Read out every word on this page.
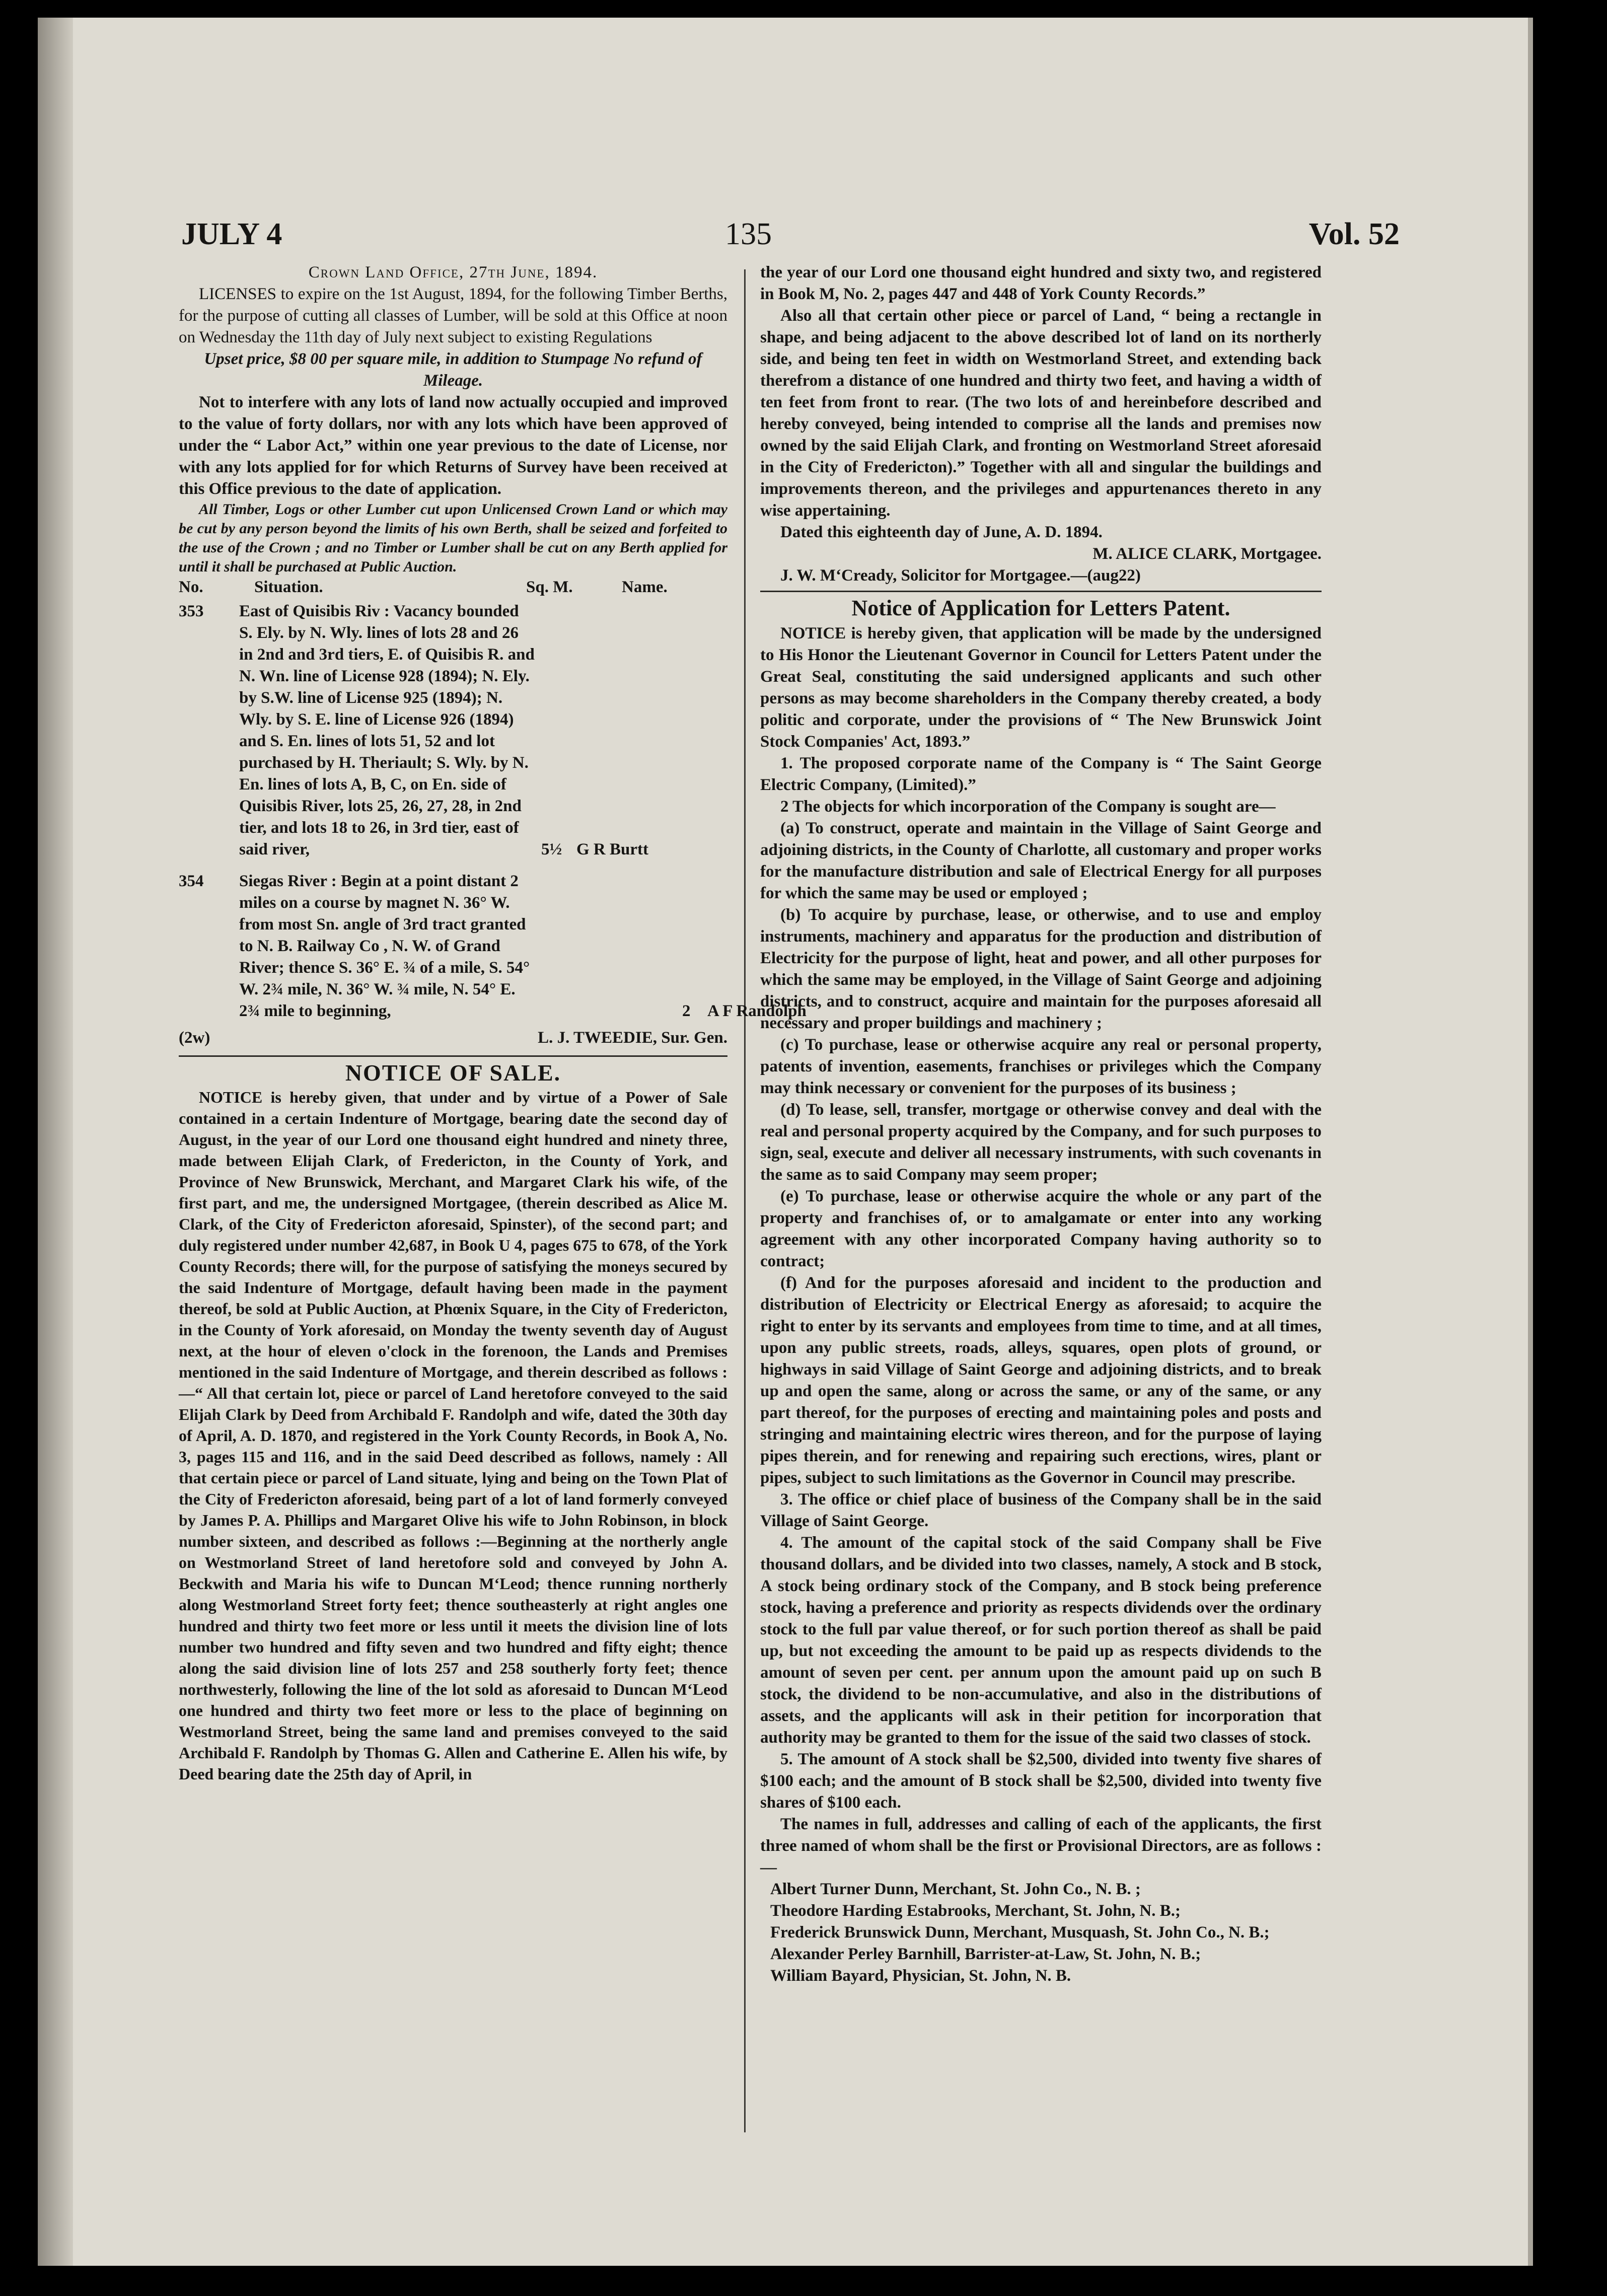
JULY 4	135	Vol. 52

Crown Land Office, 27th June, 1894.

LICENSES to expire on the 1st August, 1894, for the following Timber Berths, for the purpose of cutting all classes of Lumber, will be sold at this Office at noon on Wednesday the 11th day of July next subject to existing Regulations

Upset price, $8 00 per square mile, in addition to Stumpage No refund of Mileage.

Not to interfere with any lots of land now actually occupied and improved to the value of forty dollars, nor with any lots which have been approved of under the “ Labor Act,” within one year previous to the date of License, nor with any lots applied for for which Returns of Survey have been received at this Office previous to the date of application.

All Timber, Logs or other Lumber cut upon Unlicensed Crown Land or which may be cut by any person beyond the limits of his own Berth, shall be seized and forfeited to the use of the Crown ; and no Timber or Lumber shall be cut on any Berth applied for until it shall be purchased at Public Auction.

No.	Situation.	Sq. M.	Name.
353 East of Quisibis Riv : Vacancy bounded S. Ely. by N. Wly. lines of lots 28 and 26 in 2nd and 3rd tiers, E. of Quisibis R. and N. Wn. line of License 928 (1894); N. Ely. by S.W. line of License 925 (1894); N. Wly. by S. E. line of License 926 (1894) and S. En. lines of lots 51, 52 and lot purchased by H. Theriault; S. Wly. by N. En. lines of lots A, B, C, on En. side of Quisibis River, lots 25, 26, 27, 28, in 2nd tier, and lots 18 to 26, in 3rd tier, east of said river,	5½ G R Burtt
354 Siegas River : Begin at a point distant 2 miles on a course by magnet N. 36° W. from most Sn. angle of 3rd tract granted to N. B. Railway Co , N. W. of Grand River; thence S. 36° E. ¾ of a mile, S. 54° W. 2¾ mile, N. 36° W. ¾ mile, N. 54° E. 2¾ mile to beginning,	2 A F Randolph
(2w)	L. J. TWEEDIE, Sur. Gen.

NOTICE OF SALE.

NOTICE is hereby given, that under and by virtue of a Power of Sale contained in a certain Indenture of Mortgage, bearing date the second day of August, in the year of our Lord one thousand eight hundred and ninety three, made between Elijah Clark, of Fredericton, in the County of York, and Province of New Brunswick, Merchant, and Margaret Clark his wife, of the first part, and me, the undersigned Mortgagee, (therein described as Alice M. Clark, of the City of Fredericton aforesaid, Spinster), of the second part; and duly registered under number 42,687, in Book U 4, pages 675 to 678, of the York County Records; there will, for the purpose of satisfying the moneys secured by the said Indenture of Mortgage, default having been made in the payment thereof, be sold at Public Auction, at Phœnix Square, in the City of Fredericton, in the County of York aforesaid, on Monday the twenty seventh day of August next, at the hour of eleven o'clock in the forenoon, the Lands and Premises mentioned in the said Indenture of Mortgage, and therein described as follows :—“ All that certain lot, piece or parcel of Land heretofore conveyed to the said Elijah Clark by Deed from Archibald F. Randolph and wife, dated the 30th day of April, A. D. 1870, and registered in the York County Records, in Book A, No. 3, pages 115 and 116, and in the said Deed described as follows, namely : All that certain piece or parcel of Land situate, lying and being on the Town Plat of the City of Fredericton aforesaid, being part of a lot of land formerly conveyed by James P. A. Phillips and Margaret Olive his wife to John Robinson, in block number sixteen, and described as follows :—Beginning at the northerly angle on Westmorland Street of land heretofore sold and conveyed by John A. Beckwith and Maria his wife to Duncan M‘Leod; thence running northerly along Westmorland Street forty feet; thence southeasterly at right angles one hundred and thirty two feet more or less until it meets the division line of lots number two hundred and fifty seven and two hundred and fifty eight; thence along the said division line of lots 257 and 258 southerly forty feet; thence northwesterly, following the line of the lot sold as aforesaid to Duncan M‘Leod one hundred and thirty two feet more or less to the place of beginning on Westmorland Street, being the same land and premises conveyed to the said Archibald F. Randolph by Thomas G. Allen and Catherine E. Allen his wife, by Deed bearing date the 25th day of April, in

the year of our Lord one thousand eight hundred and sixty two, and registered in Book M, No. 2, pages 447 and 448 of York County Records.”

Also all that certain other piece or parcel of Land, “ being a rectangle in shape, and being adjacent to the above described lot of land on its northerly side, and being ten feet in width on Westmorland Street, and extending back therefrom a distance of one hundred and thirty two feet, and having a width of ten feet from front to rear. (The two lots of and hereinbefore described and hereby conveyed, being intended to comprise all the lands and premises now owned by the said Elijah Clark, and fronting on Westmorland Street aforesaid in the City of Fredericton).” Together with all and singular the buildings and improvements thereon, and the privileges and appurtenances thereto in any wise appertaining.

Dated this eighteenth day of June, A. D. 1894.

M. ALICE CLARK, Mortgagee.

J. W. M‘Cready, Solicitor for Mortgagee.—(aug22)

Notice of Application for Letters Patent.

NOTICE is hereby given, that application will be made by the undersigned to His Honor the Lieutenant Governor in Council for Letters Patent under the Great Seal, constituting the said undersigned applicants and such other persons as may become shareholders in the Company thereby created, a body politic and corporate, under the provisions of “ The New Brunswick Joint Stock Companies' Act, 1893.”

1. The proposed corporate name of the Company is “ The Saint George Electric Company, (Limited).”

2 The objects for which incorporation of the Company is sought are—

(a) To construct, operate and maintain in the Village of Saint George and adjoining districts, in the County of Charlotte, all customary and proper works for the manufacture distribution and sale of Electrical Energy for all purposes for which the same may be used or employed ;

(b) To acquire by purchase, lease, or otherwise, and to use and employ instruments, machinery and apparatus for the production and distribution of Electricity for the purpose of light, heat and power, and all other purposes for which the same may be employed, in the Village of Saint George and adjoining districts, and to construct, acquire and maintain for the purposes aforesaid all necessary and proper buildings and machinery ;

(c) To purchase, lease or otherwise acquire any real or personal property, patents of invention, easements, franchises or privileges which the Company may think necessary or convenient for the purposes of its business ;

(d) To lease, sell, transfer, mortgage or otherwise convey and deal with the real and personal property acquired by the Company, and for such purposes to sign, seal, execute and deliver all necessary instruments, with such covenants in the same as to said Company may seem proper;

(e) To purchase, lease or otherwise acquire the whole or any part of the property and franchises of, or to amalgamate or enter into any working agreement with any other incorporated Company having authority so to contract;

(f) And for the purposes aforesaid and incident to the production and distribution of Electricity or Electrical Energy as aforesaid; to acquire the right to enter by its servants and employees from time to time, and at all times, upon any public streets, roads, alleys, squares, open plots of ground, or highways in said Village of Saint George and adjoining districts, and to break up and open the same, along or across the same, or any of the same, or any part thereof, for the purposes of erecting and maintaining poles and posts and stringing and maintaining electric wires thereon, and for the purpose of laying pipes therein, and for renewing and repairing such erections, wires, plant or pipes, subject to such limitations as the Governor in Council may prescribe.

3. The office or chief place of business of the Company shall be in the said Village of Saint George.

4. The amount of the capital stock of the said Company shall be Five thousand dollars, and be divided into two classes, namely, A stock and B stock, A stock being ordinary stock of the Company, and B stock being preference stock, having a preference and priority as respects dividends over the ordinary stock to the full par value thereof, or for such portion thereof as shall be paid up, but not exceeding the amount to be paid up as respects dividends to the amount of seven per cent. per annum upon the amount paid up on such B stock, the dividend to be non-accumulative, and also in the distributions of assets, and the applicants will ask in their petition for incorporation that authority may be granted to them for the issue of the said two classes of stock.

5. The amount of A stock shall be $2,500, divided into twenty five shares of $100 each; and the amount of B stock shall be $2,500, divided into twenty five shares of $100 each.

The names in full, addresses and calling of each of the applicants, the first three named of whom shall be the first or Provisional Directors, are as follows :—

Albert Turner Dunn, Merchant, St. John Co., N. B. ;

Theodore Harding Estabrooks, Merchant, St. John, N. B.;

Frederick Brunswick Dunn, Merchant, Musquash, St. John Co., N. B.;

Alexander Perley Barnhill, Barrister-at-Law, St. John, N. B.;

William Bayard, Physician, St. John, N. B.
